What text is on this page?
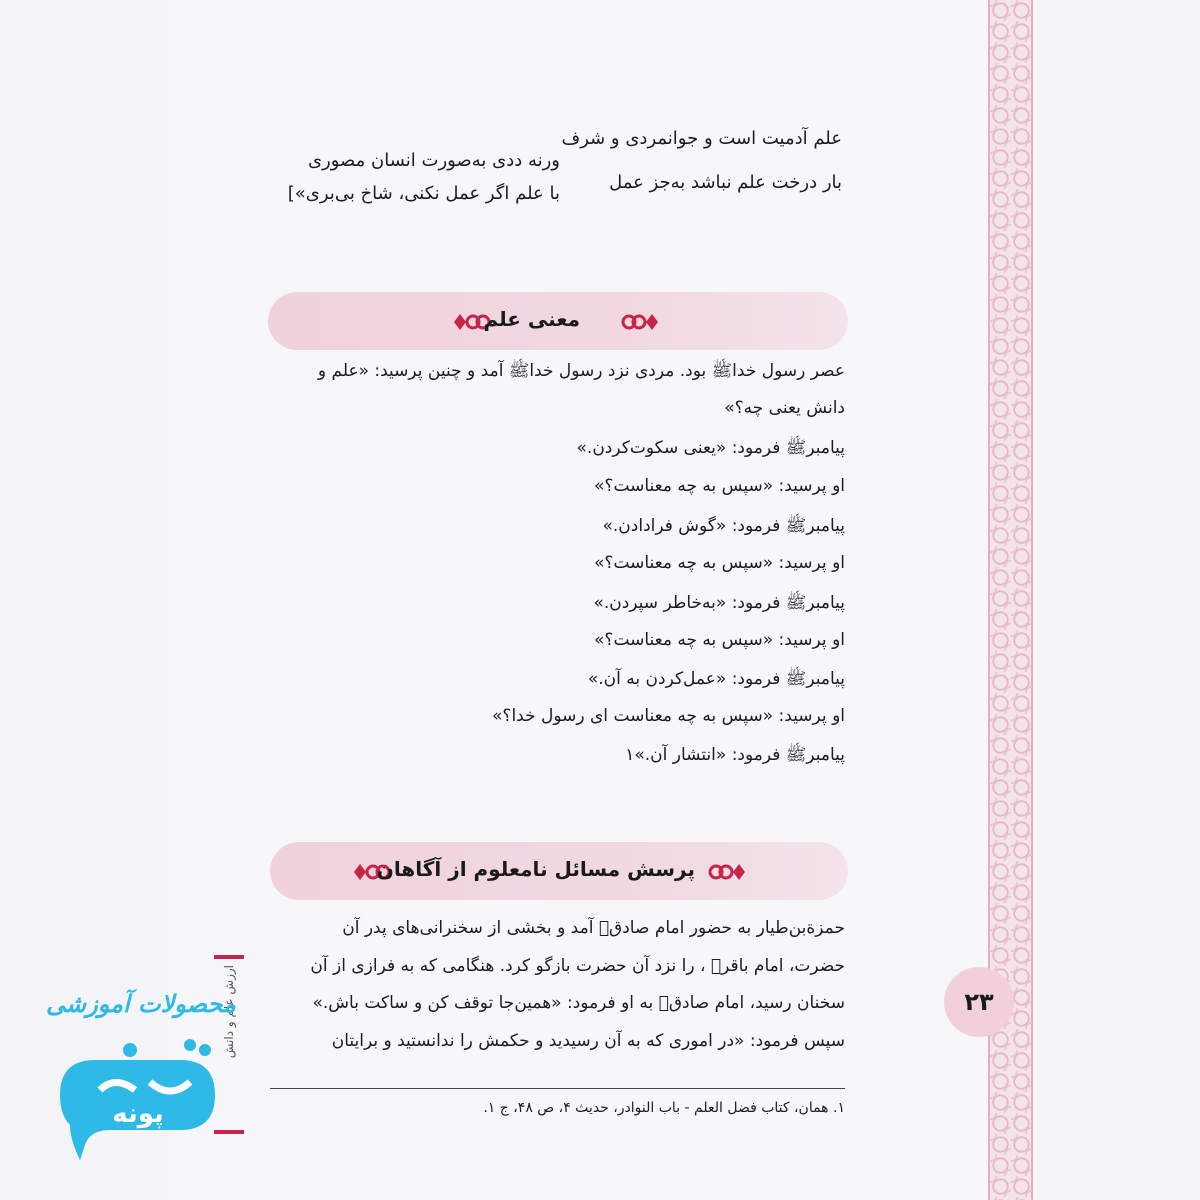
علم آدمیت است و جوانمردی و شرف
ورنه ددی به‌صورت انسان مصوری
بار درخت علم نباشد به‌جز عمل
با علم اگر عمل نکنی، شاخ بی‌بری»]
معنی علم
عصر رسول خداﷺ بود. مردی نزد رسول خداﷺ آمد و چنین پرسید: «علم و
دانش یعنی چه؟»
پیامبرﷺ فرمود: «یعنی سکوت‌کردن.»
او پرسید: «سپس به چه معناست؟»
پیامبرﷺ فرمود: «گوش فرادادن.»
او پرسید: «سپس به چه معناست؟»
پیامبرﷺ فرمود: «به‌خاطر سپردن.»
او پرسید: «سپس به چه معناست؟»
پیامبرﷺ فرمود: «عمل‌کردن به آن.»
او پرسید: «سپس به چه معناست ای رسول خدا؟»
پیامبرﷺ فرمود: «انتشار آن.»۱
پرسش مسائل نامعلوم از آگاهان
حمزة‌بن‌طیار به حضور امام صادقؑ آمد و بخشی از سخنرانی‌های پدر آن
حضرت، امام باقرؑ ، را نزد آن حضرت بازگو کرد. هنگامی که به فرازی از آن
سخنان رسید، امام صادقؑ به او فرمود: «همین‌جا توقف کن و ساکت باش.»
سپس فرمود: «در اموری که به آن رسیدید و حکمش را ندانستید و برایتان
۱. همان، کتاب فضل العلم - باب النوادر، حدیث ۴، ص ۴۸، ج ۱.
۲۳
ارزش علم و دانش
محصولات آموزشی
پونه
